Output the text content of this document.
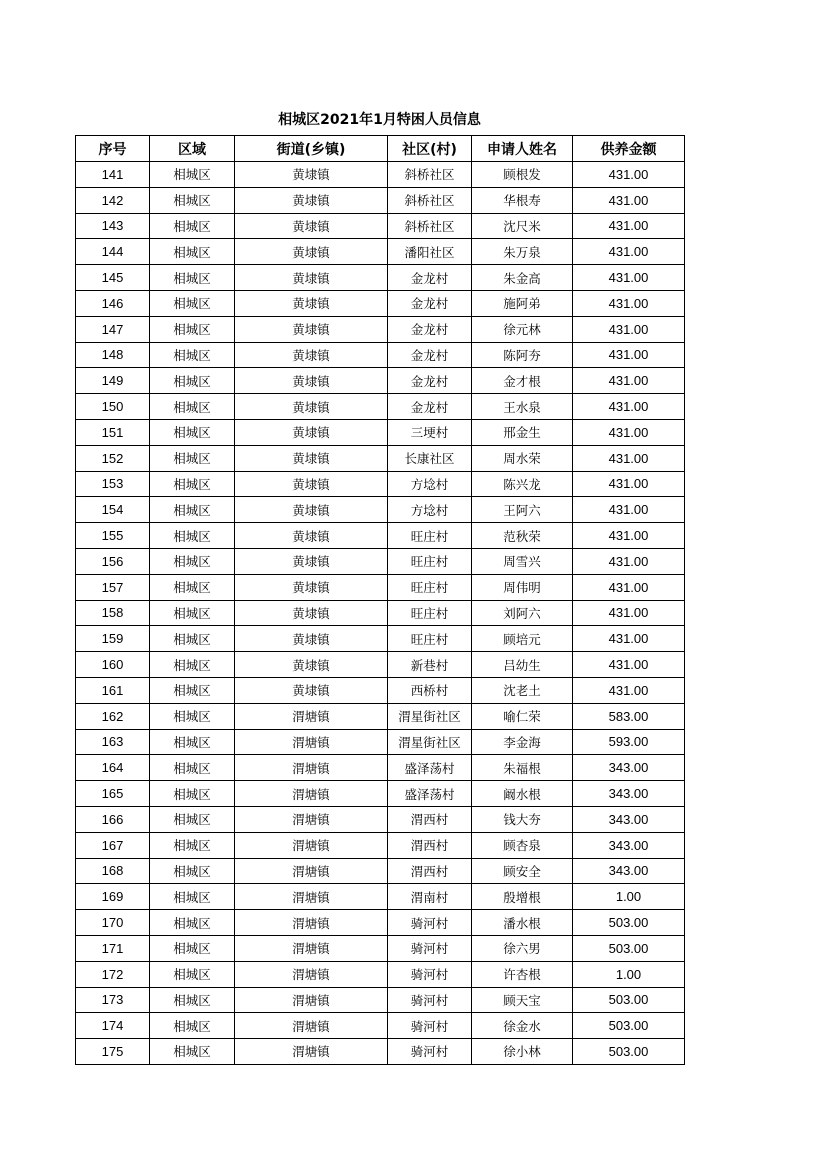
相城区2021年1月特困人员信息
序号	区域	街道(乡镇)	社区(村)	申请人姓名	供养金额
141	相城区	黄埭镇	斜桥社区	顾根发	431.00
142	相城区	黄埭镇	斜桥社区	华根寿	431.00
143	相城区	黄埭镇	斜桥社区	沈尺米	431.00
144	相城区	黄埭镇	潘阳社区	朱万泉	431.00
145	相城区	黄埭镇	金龙村	朱金高	431.00
146	相城区	黄埭镇	金龙村	施阿弟	431.00
147	相城区	黄埭镇	金龙村	徐元林	431.00
148	相城区	黄埭镇	金龙村	陈阿夯	431.00
149	相城区	黄埭镇	金龙村	金才根	431.00
150	相城区	黄埭镇	金龙村	王水泉	431.00
151	相城区	黄埭镇	三埂村	邢金生	431.00
152	相城区	黄埭镇	长康社区	周水荣	431.00
153	相城区	黄埭镇	方埝村	陈兴龙	431.00
154	相城区	黄埭镇	方埝村	王阿六	431.00
155	相城区	黄埭镇	旺庄村	范秋荣	431.00
156	相城区	黄埭镇	旺庄村	周雪兴	431.00
157	相城区	黄埭镇	旺庄村	周伟明	431.00
158	相城区	黄埭镇	旺庄村	刘阿六	431.00
159	相城区	黄埭镇	旺庄村	顾培元	431.00
160	相城区	黄埭镇	新巷村	吕幼生	431.00
161	相城区	黄埭镇	西桥村	沈老土	431.00
162	相城区	渭塘镇	渭星街社区	喻仁荣	583.00
163	相城区	渭塘镇	渭星街社区	李金海	593.00
164	相城区	渭塘镇	盛泽荡村	朱福根	343.00
165	相城区	渭塘镇	盛泽荡村	阚水根	343.00
166	相城区	渭塘镇	渭西村	钱大夯	343.00
167	相城区	渭塘镇	渭西村	顾杏泉	343.00
168	相城区	渭塘镇	渭西村	顾安全	343.00
169	相城区	渭塘镇	渭南村	殷增根	1.00
170	相城区	渭塘镇	骑河村	潘水根	503.00
171	相城区	渭塘镇	骑河村	徐六男	503.00
172	相城区	渭塘镇	骑河村	许杏根	1.00
173	相城区	渭塘镇	骑河村	顾天宝	503.00
174	相城区	渭塘镇	骑河村	徐金水	503.00
175	相城区	渭塘镇	骑河村	徐小林	503.00
